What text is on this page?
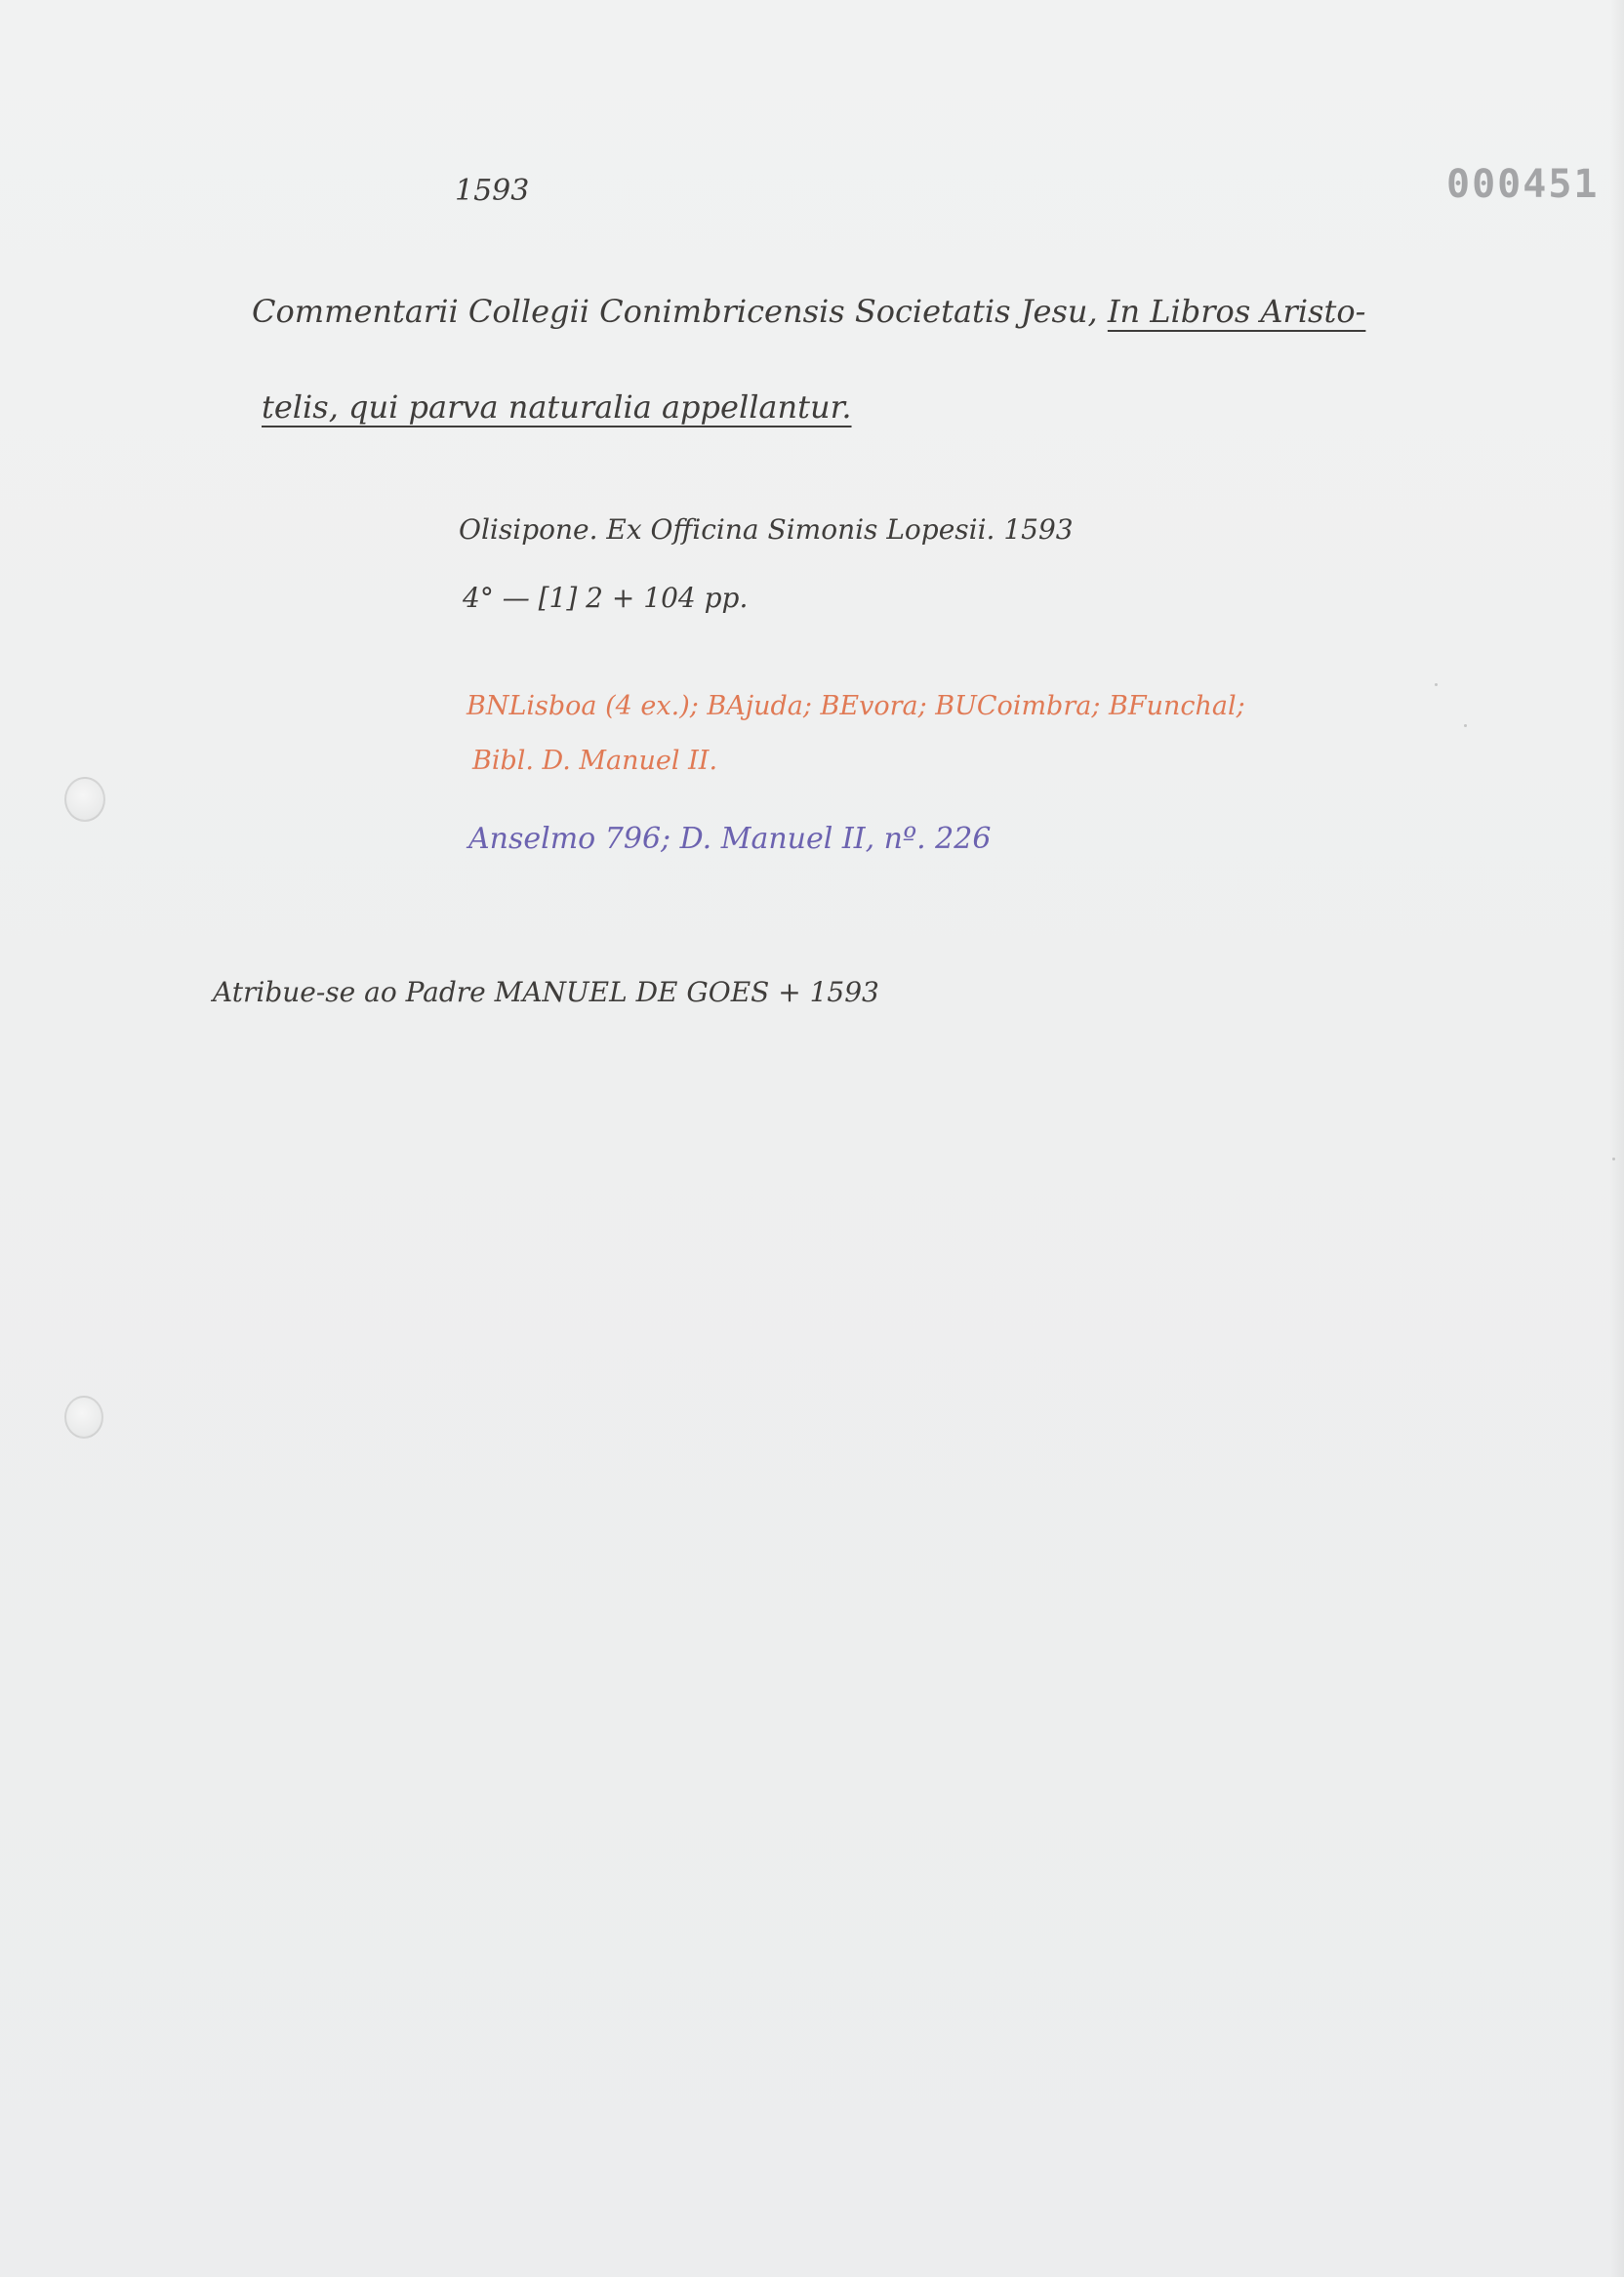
1593	000451
Commentarii Collegii Conimbricensis Societatis Jesu, In Libros Aristo-
telis, qui parva naturalia appellantur.
Olisipone. Ex Officina Simonis Lopesii. 1593
4° — [1] 2 + 104 pp.
BNLisboa (4 ex.); BAjuda; BEvora; BUCoimbra; BFunchal;
Bibl. D. Manuel II.
Anselmo 796; D. Manuel II, nº. 226
Atribue-se ao Padre MANUEL DE GOES + 1593
